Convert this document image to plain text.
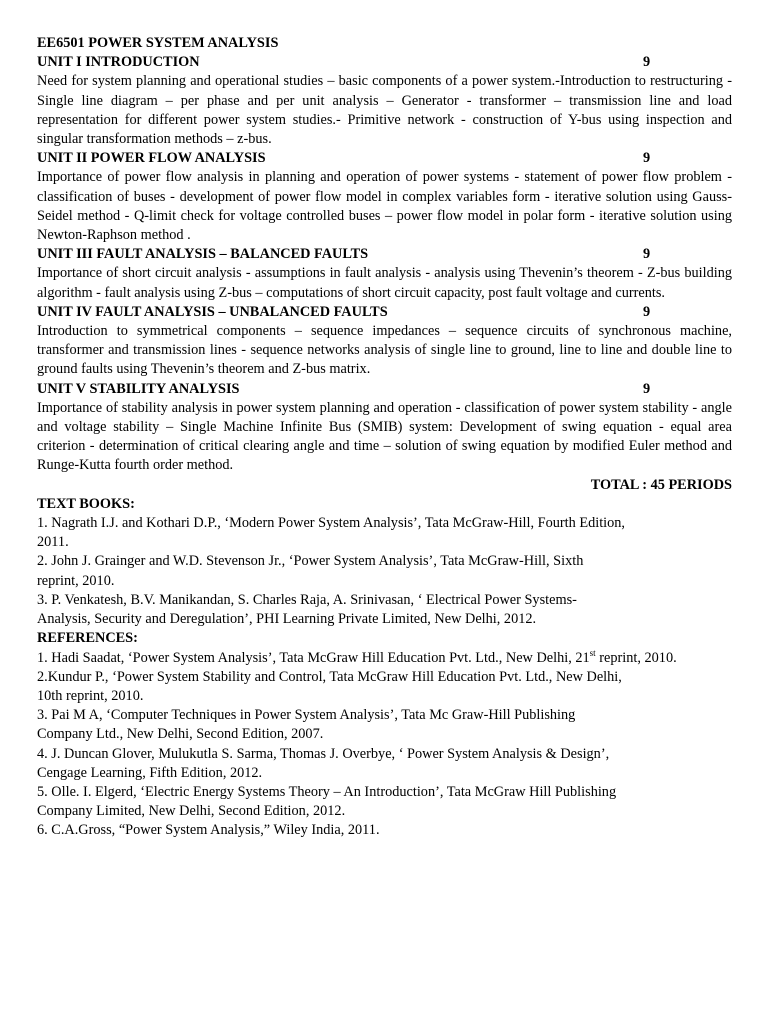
EE6501 POWER SYSTEM ANALYSIS

UNIT I INTRODUCTION	9

Need for system planning and operational studies – basic components of a power system.-Introduction to restructuring - Single line diagram – per phase and per unit analysis – Generator - transformer – transmission line and load representation for different power system studies.- Primitive network - construction of Y-bus using inspection and singular transformation methods – z-bus.

UNIT II POWER FLOW ANALYSIS	9

Importance of power flow analysis in planning and operation of power systems - statement of power flow problem - classification of buses - development of power flow model in complex variables form - iterative solution using Gauss-Seidel method - Q-limit check for voltage controlled buses – power flow model in polar form - iterative solution using Newton-Raphson method .

UNIT III FAULT ANALYSIS – BALANCED FAULTS	9

Importance of short circuit analysis - assumptions in fault analysis - analysis using Thevenin’s theorem - Z-bus building algorithm - fault analysis using Z-bus – computations of short circuit capacity, post fault voltage and currents.

UNIT IV FAULT ANALYSIS – UNBALANCED FAULTS	9

Introduction to symmetrical components – sequence impedances – sequence circuits of synchronous machine, transformer and transmission lines - sequence networks analysis of single line to ground, line to line and double line to ground faults using Thevenin’s theorem and Z-bus matrix.

UNIT V STABILITY ANALYSIS	9

Importance of stability analysis in power system planning and operation - classification of power system stability - angle and voltage stability – Single Machine Infinite Bus (SMIB) system: Development of swing equation - equal area criterion - determination of critical clearing angle and time – solution of swing equation by modified Euler method and Runge-Kutta fourth order method.

TOTAL : 45 PERIODS

TEXT BOOKS:

1. Nagrath I.J. and Kothari D.P., ‘Modern Power System Analysis’, Tata McGraw-Hill, Fourth Edition,
2011.

2. John J. Grainger and W.D. Stevenson Jr., ‘Power System Analysis’, Tata McGraw-Hill, Sixth
reprint, 2010.

3. P. Venkatesh, B.V. Manikandan, S. Charles Raja, A. Srinivasan, ‘ Electrical Power Systems-
Analysis, Security and Deregulation’, PHI Learning Private Limited, New Delhi, 2012.

REFERENCES:

1. Hadi Saadat, ‘Power System Analysis’, Tata McGraw Hill Education Pvt. Ltd., New Delhi, 21st reprint, 2010.

2.Kundur P., ‘Power System Stability and Control, Tata McGraw Hill Education Pvt. Ltd., New Delhi,
10th reprint, 2010.

3. Pai M A, ‘Computer Techniques in Power System Analysis’, Tata Mc Graw-Hill Publishing
Company Ltd., New Delhi, Second Edition, 2007.

4. J. Duncan Glover, Mulukutla S. Sarma, Thomas J. Overbye, ‘ Power System Analysis & Design’,
Cengage Learning, Fifth Edition, 2012.

5. Olle. I. Elgerd, ‘Electric Energy Systems Theory – An Introduction’, Tata McGraw Hill Publishing
Company Limited, New Delhi, Second Edition, 2012.

6. C.A.Gross, “Power System Analysis,” Wiley India, 2011.
